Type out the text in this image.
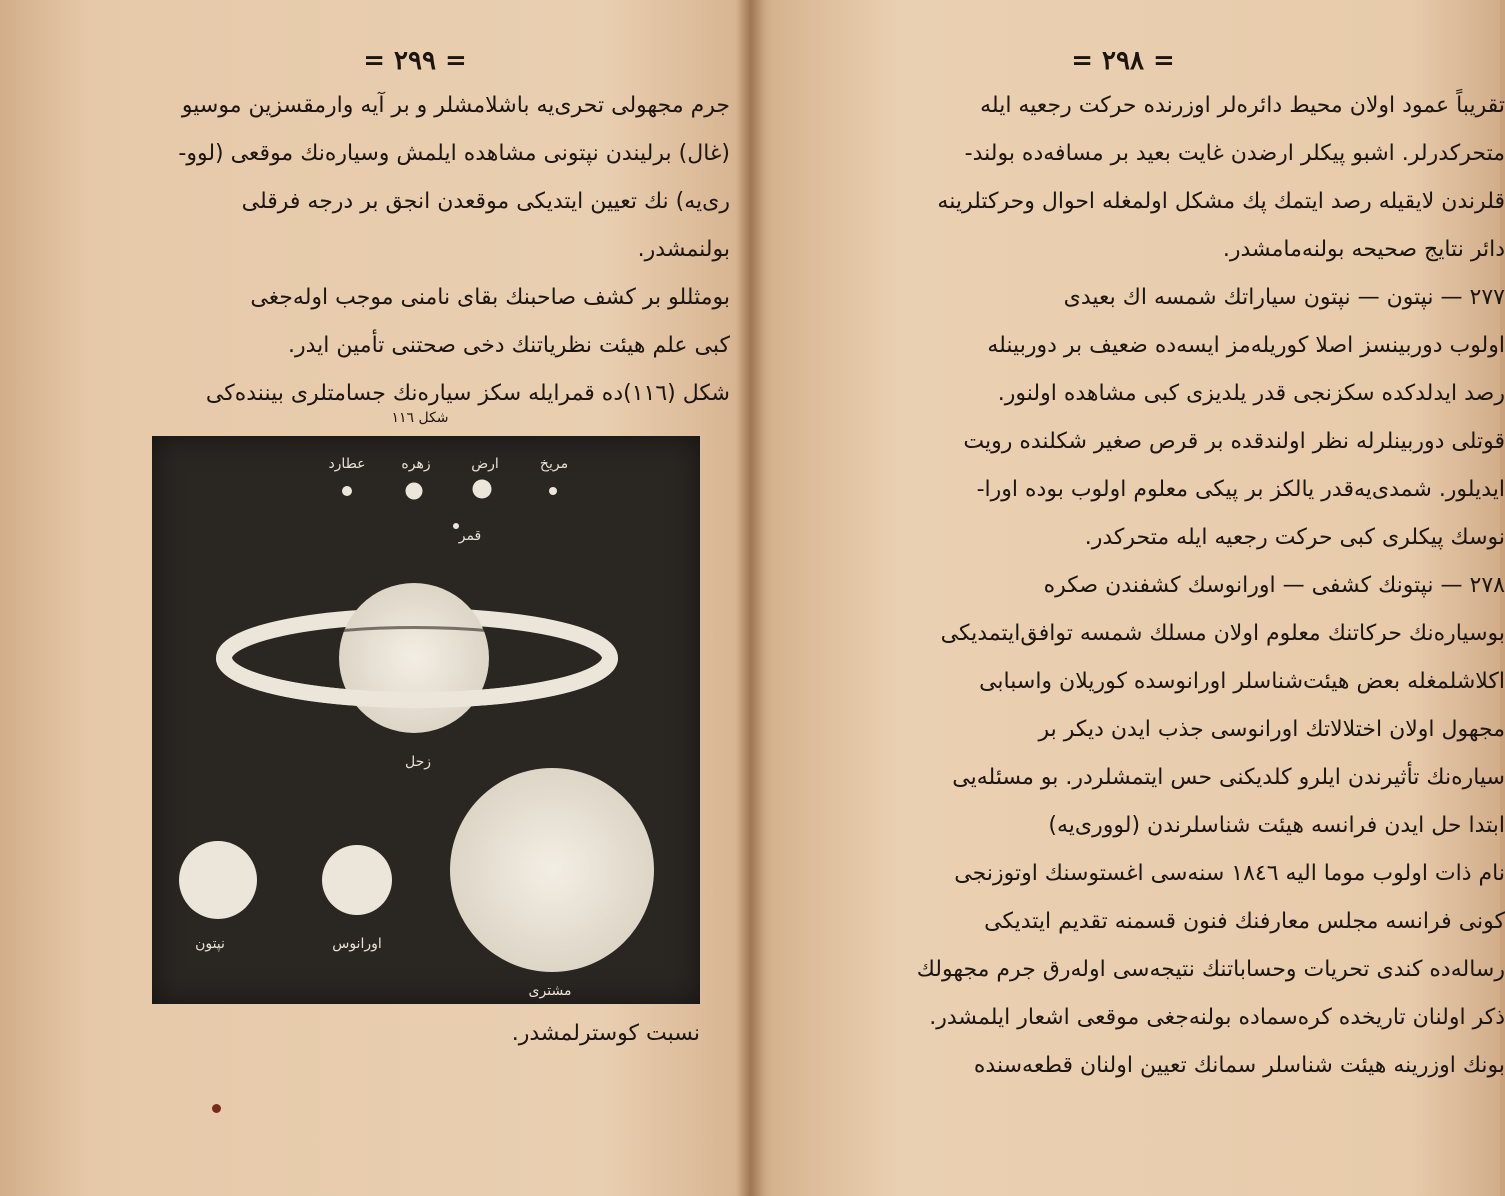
= ٢٩٩ =
جرم مجهولی تحری‌یه باشلامشلر و بر آیه وارمقسزین موسیو
(غال) برلیندن نپتونی مشاهده ایلمش وسیاره‌نك موقعی (لوو-
ری‌یه) نك تعیین ایتدیکی موقعدن انجق بر درجه فرقلی
بولنمشدر.
بومثللو بر کشف صاحبنك بقای نامنی موجب اوله‌جغی
کبی علم هیئت نظریاتنك دخی صحتنی تأمین ایدر.
شکل (١١٦)ده قمرایله سکز سیاره‌نك جسامتلری بیننده‌کی
شکل ١١٦
مریخ
ارض
زهره
عطارد
قمر
زحل
نپتون	اورانوس
مشتری
نسبت کوسترلمشدر.
= ٢٩٨ =
تقریباً عمود اولان محیط دائره‌لر اوزرنده حرکت رجعیه ایله
متحرکدرلر. اشبو پیکلر ارضدن غایت بعید بر مسافه‌ده بولند-
قلرندن لایقیله رصد ایتمك پك مشکل اولمغله احوال وحرکتلرینه
دائر نتایج صحیحه بولنه‌مامشدر.
٢٧٧ — نپتون — نپتون سیاراتك شمسه اك بعیدی
اولوب دوربینسز اصلا کوریله‌مز ایسه‌ده ضعیف بر دوربینله
رصد ایدلدکده سکزنجی قدر یلدیزی کبی مشاهده اولنور.
قوتلی دوربینلرله نظر اولندقده بر قرص صغیر شکلنده رویت
ایدیلور. شمدی‌یه‌قدر یالکز بر پیکی معلوم اولوب بوده اورا-
نوسك پیکلری کبی حرکت رجعیه ایله متحرکدر.
٢٧٨ — نپتونك کشفی — اورانوسك کشفندن صکره
بوسیاره‌نك حرکاتنك معلوم اولان مسلك شمسه توافق‌ایتمدیکی
اکلاشلمغله بعض هیئت‌شناسلر اورانوسده کوریلان واسبابی
مجهول اولان اختلالاتك اورانوسی جذب ایدن دیکر بر
سیاره‌نك تأثیرندن ایلرو کلدیکنی حس ایتمشلردر. بو مسئله‌یی
ابتدا حل ایدن فرانسه هیئت شناسلرندن (لووری‌یه)
نام ذات اولوب موما الیه ١٨٤٦ سنه‌سی اغستوسنك اوتوزنجی
کونی فرانسه مجلس معارفنك فنون قسمنه تقدیم ایتدیکی
رساله‌ده کندی تحریات وحساباتنك نتیجه‌سی اوله‌رق جرم مجهولك
ذکر اولنان تاریخده کره‌سماده بولنه‌جغی موقعی اشعار ایلمشدر.
بونك اوزرینه هیئت شناسلر سمانك تعیین اولنان قطعه‌سنده
